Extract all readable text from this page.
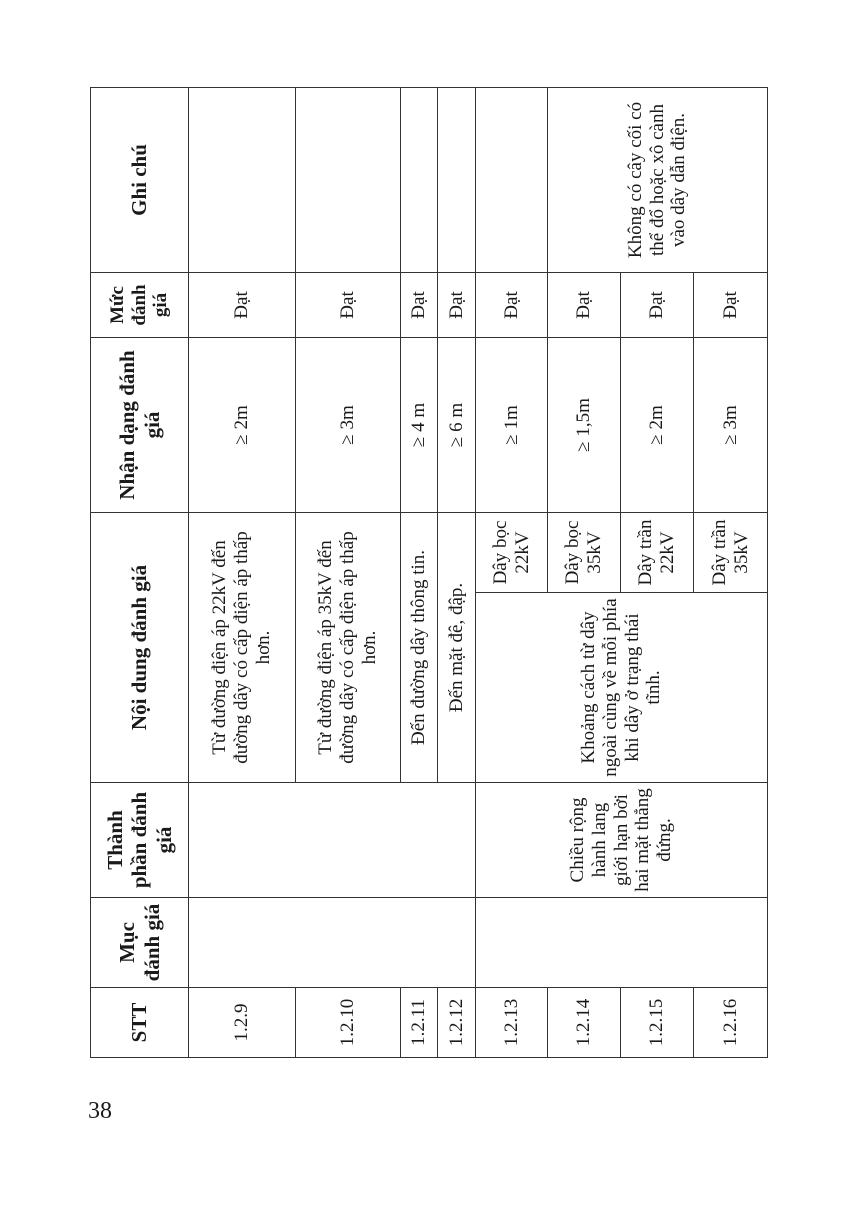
STT	Mục đánh giá	Thành phần đánh giá	Nội dung đánh giá		Nhận dạng đánh giá	Mức đánh giá	Ghi chú
1.2.9			Từ đường điện áp 22kV đến đường dây có cấp điện áp thấp hơn.		≥ 2m	Đạt	
1.2.10			Từ đường điện áp 35kV đến đường dây có cấp điện áp thấp hơn.		≥ 3m	Đạt	
1.2.11			Đến đường dây thông tin.		≥ 4 m	Đạt	
1.2.12			Đến mặt đê, đập.		≥ 6 m	Đạt	
1.2.13		Chiều rộng hành lang giới hạn bởi hai mặt thẳng đứng.	Khoảng cách từ dây ngoài cùng về mỗi phía khi dây ở trạng thái tĩnh.	Dây bọc 22kV	≥ 1m	Đạt	
1.2.14				Dây bọc 35kV	≥ 1,5m	Đạt	Không có cây cối có thể đổ hoặc xô cành vào dây dẫn điện.
1.2.15				Dây trần 22kV	≥ 2m	Đạt	
1.2.16				Dây trần 35kV	≥ 3m	Đạt	
38
